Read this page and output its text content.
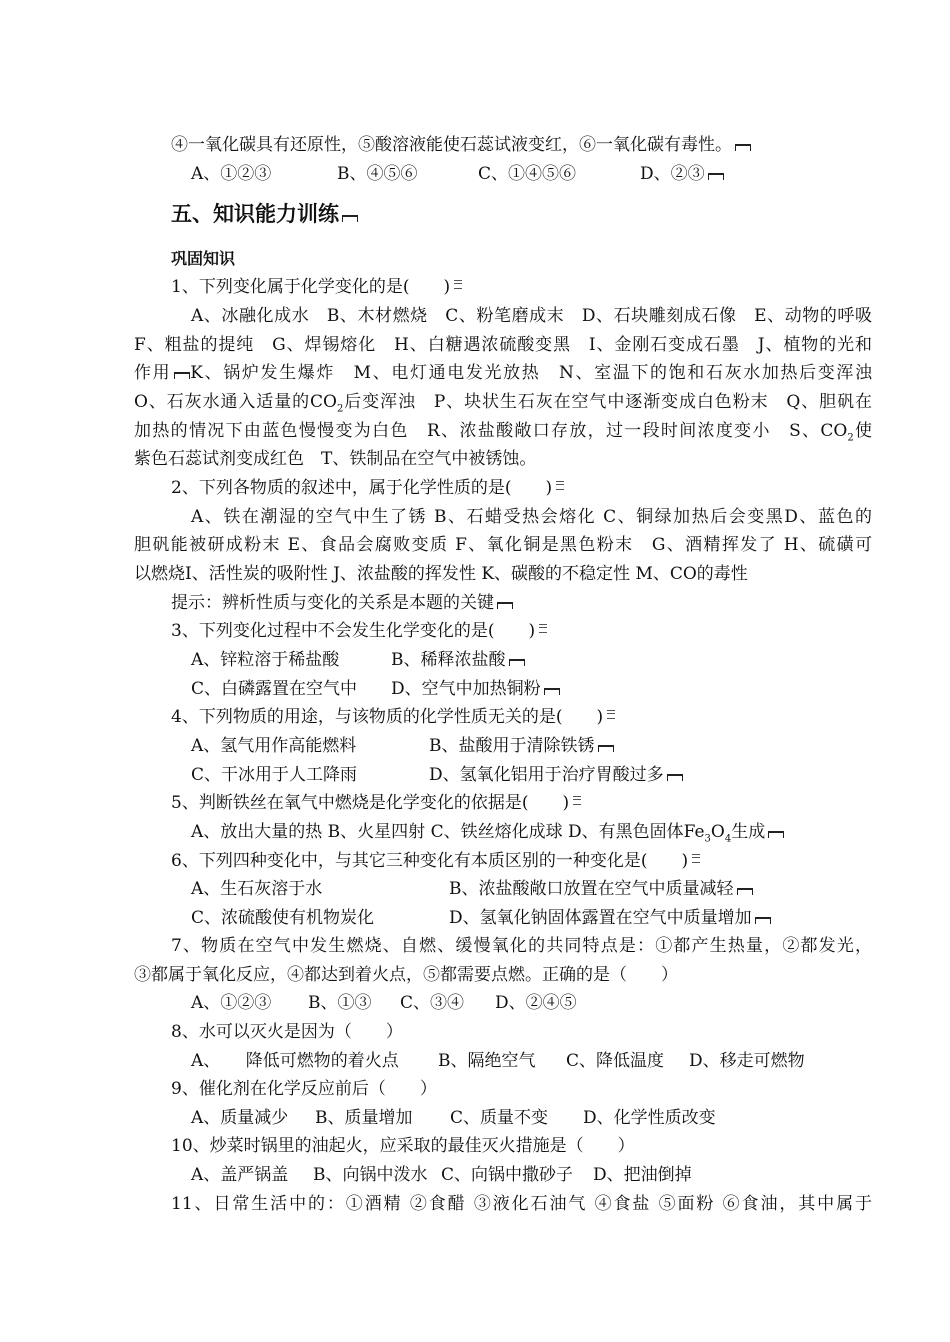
④一氧化碳具有还原性，⑤酸溶液能使石蕊试液变红，⑥一氧化碳有毒性。

A、①②③	B、④⑤⑥	C、①④⑤⑥	D、②③

五、知识能力训练
巩固知识

1、下列变化属于化学变化的是(　　)

A、冰融化成水　B、木材燃烧　C、粉笔磨成末　D、石块雕刻成石像　E、动物的呼吸

F、粗盐的提纯　G、焊锡熔化　H、白糖遇浓硫酸变黑　I、金刚石变成石墨　J、植物的光和

作用 K、锅炉发生爆炸　M、电灯通电发光放热　N、室温下的饱和石灰水加热后变浑浊

O、石灰水通入适量的$CO_2$后变浑浊　P、块状生石灰在空气中逐渐变成白色粉末　Q、胆矾在

加热的情况下由蓝色慢慢变为白色　R、浓盐酸敞口存放，过一段时间浓度变小　S、$CO_2$使

紫色石蕊试剂变成红色　T、铁制品在空气中被锈蚀。

2、下列各物质的叙述中，属于化学性质的是(　　)

A、铁在潮湿的空气中生了锈 B、石蜡受热会熔化 C、铜绿加热后会变黑D、蓝色的

胆矾能被研成粉末 E、食品会腐败变质 F、氧化铜是黑色粉末　G、酒精挥发了 H、硫磺可

以燃烧I、活性炭的吸附性 J、浓盐酸的挥发性 K、碳酸的不稳定性 M、CO的毒性

提示：辨析性质与变化的关系是本题的关键

3、下列变化过程中不会发生化学变化的是(　　)

A、锌粒溶于稀盐酸	B、稀释浓盐酸

C、白磷露置在空气中 D、空气中加热铜粉

4、下列物质的用途，与该物质的化学性质无关的是(　　)

A、氢气用作高能燃料	B、盐酸用于清除铁锈

C、干冰用于人工降雨	D、氢氧化铝用于治疗胃酸过多

5、判断铁丝在氧气中燃烧是化学变化的依据是(　　)

A、放出大量的热 B、火星四射 C、铁丝熔化成球 D、有黑色固体$Fe_3O_4$生成

6、下列四种变化中，与其它三种变化有本质区别的一种变化是(　　)

A、生石灰溶于水	B、浓盐酸敞口放置在空气中质量减轻

C、浓硫酸使有机物炭化	D、氢氧化钠固体露置在空气中质量增加

7、物质在空气中发生燃烧、自燃、缓慢氧化的共同特点是：①都产生热量，②都发光，

③都属于氧化反应，④都达到着火点，⑤都需要点燃。正确的是（　　）

A、①②③ B、①③ C、③④ D、②④⑤

8、水可以灭火是因为（　　）

A、　　降低可燃物的着火点 B、隔绝空气 C、降低温度 D、移走可燃物

9、催化剂在化学反应前后（　　）

A、质量减少 B、质量增加 C、质量不变 D、化学性质改变

10、炒菜时锅里的油起火，应采取的最佳灭火措施是（　　）

A、盖严锅盖 B、向锅中泼水 C、向锅中撒砂子 D、把油倒掉

11、日常生活中的：①酒精 ②食醋 ③液化石油气 ④食盐 ⑤面粉 ⑥食油，其中属于
